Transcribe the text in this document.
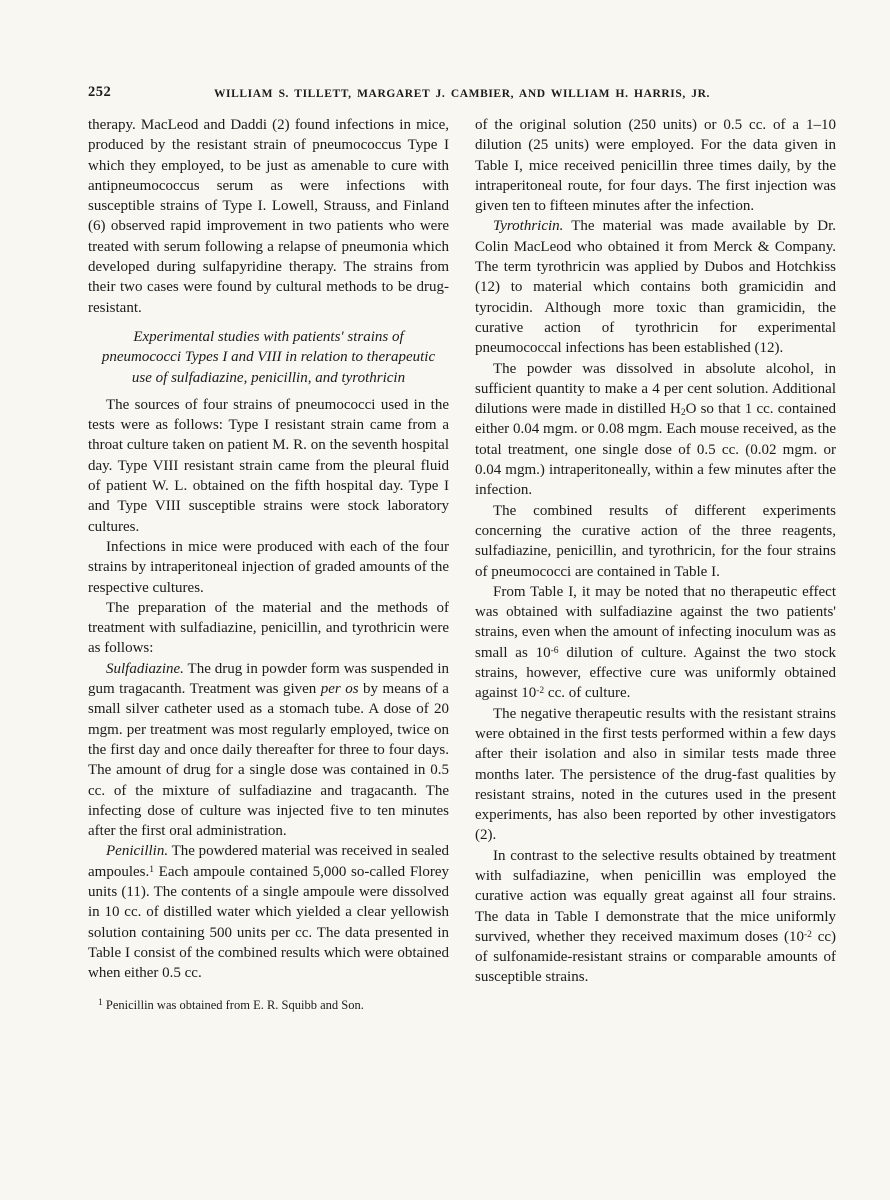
252	WILLIAM S. TILLETT, MARGARET J. CAMBIER, AND WILLIAM H. HARRIS, JR.

therapy. MacLeod and Daddi (2) found infections in mice, produced by the resistant strain of pneumococcus Type I which they employed, to be just as amenable to cure with antipneumococcus serum as were infections with susceptible strains of Type I. Lowell, Strauss, and Finland (6) observed rapid improvement in two patients who were treated with serum following a relapse of pneumonia which developed during sulfapyridine therapy. The strains from their two cases were found by cultural methods to be drug-resistant.

Experimental studies with patients' strains of pneumococci Types I and VIII in relation to therapeutic use of sulfadiazine, penicillin, and tyrothricin

The sources of four strains of pneumococci used in the tests were as follows: Type I resistant strain came from a throat culture taken on patient M. R. on the seventh hospital day. Type VIII resistant strain came from the pleural fluid of patient W. L. obtained on the fifth hospital day. Type I and Type VIII susceptible strains were stock laboratory cultures.

Infections in mice were produced with each of the four strains by intraperitoneal injection of graded amounts of the respective cultures.

The preparation of the material and the methods of treatment with sulfadiazine, penicillin, and tyrothricin were as follows:

Sulfadiazine. The drug in powder form was suspended in gum tragacanth. Treatment was given per os by means of a small silver catheter used as a stomach tube. A dose of 20 mgm. per treatment was most regularly employed, twice on the first day and once daily thereafter for three to four days. The amount of drug for a single dose was contained in 0.5 cc. of the mixture of sulfadiazine and tragacanth. The infecting dose of culture was injected five to ten minutes after the first oral administration.

Penicillin. The powdered material was received in sealed ampoules.$^1$ Each ampoule contained 5,000 so-called Florey units (11). The contents of a single ampoule were dissolved in 10 cc. of distilled water which yielded a clear yellowish solution containing 500 units per cc. The data presented in Table I consist of the combined results which were obtained when either 0.5 cc.

$^1$ Penicillin was obtained from E. R. Squibb and Son.

of the original solution (250 units) or 0.5 cc. of a 1–10 dilution (25 units) were employed. For the data given in Table I, mice received penicillin three times daily, by the intraperitoneal route, for four days. The first injection was given ten to fifteen minutes after the infection.

Tyrothricin. The material was made available by Dr. Colin MacLeod who obtained it from Merck & Company. The term tyrothricin was applied by Dubos and Hotchkiss (12) to material which contains both gramicidin and tyrocidin. Although more toxic than gramicidin, the curative action of tyrothricin for experimental pneumococcal infections has been established (12).

The powder was dissolved in absolute alcohol, in sufficient quantity to make a 4 per cent solution. Additional dilutions were made in distilled $H_2O$ so that 1 cc. contained either 0.04 mgm. or 0.08 mgm. Each mouse received, as the total treatment, one single dose of 0.5 cc. (0.02 mgm. or 0.04 mgm.) intraperitoneally, within a few minutes after the infection.

The combined results of different experiments concerning the curative action of the three reagents, sulfadiazine, penicillin, and tyrothricin, for the four strains of pneumococci are contained in Table I.

From Table I, it may be noted that no therapeutic effect was obtained with sulfadiazine against the two patients' strains, even when the amount of infecting inoculum was as small as $10^{-6}$ dilution of culture. Against the two stock strains, however, effective cure was uniformly obtained against $10^{-2}$ cc. of culture.

The negative therapeutic results with the resistant strains were obtained in the first tests performed within a few days after their isolation and also in similar tests made three months later. The persistence of the drug-fast qualities by resistant strains, noted in the cutures used in the present experiments, has also been reported by other investigators (2).

In contrast to the selective results obtained by treatment with sulfadiazine, when penicillin was employed the curative action was equally great against all four strains. The data in Table I demonstrate that the mice uniformly survived, whether they received maximum doses ($10^{-2}$ cc) of sulfonamide-resistant strains or comparable amounts of susceptible strains.
